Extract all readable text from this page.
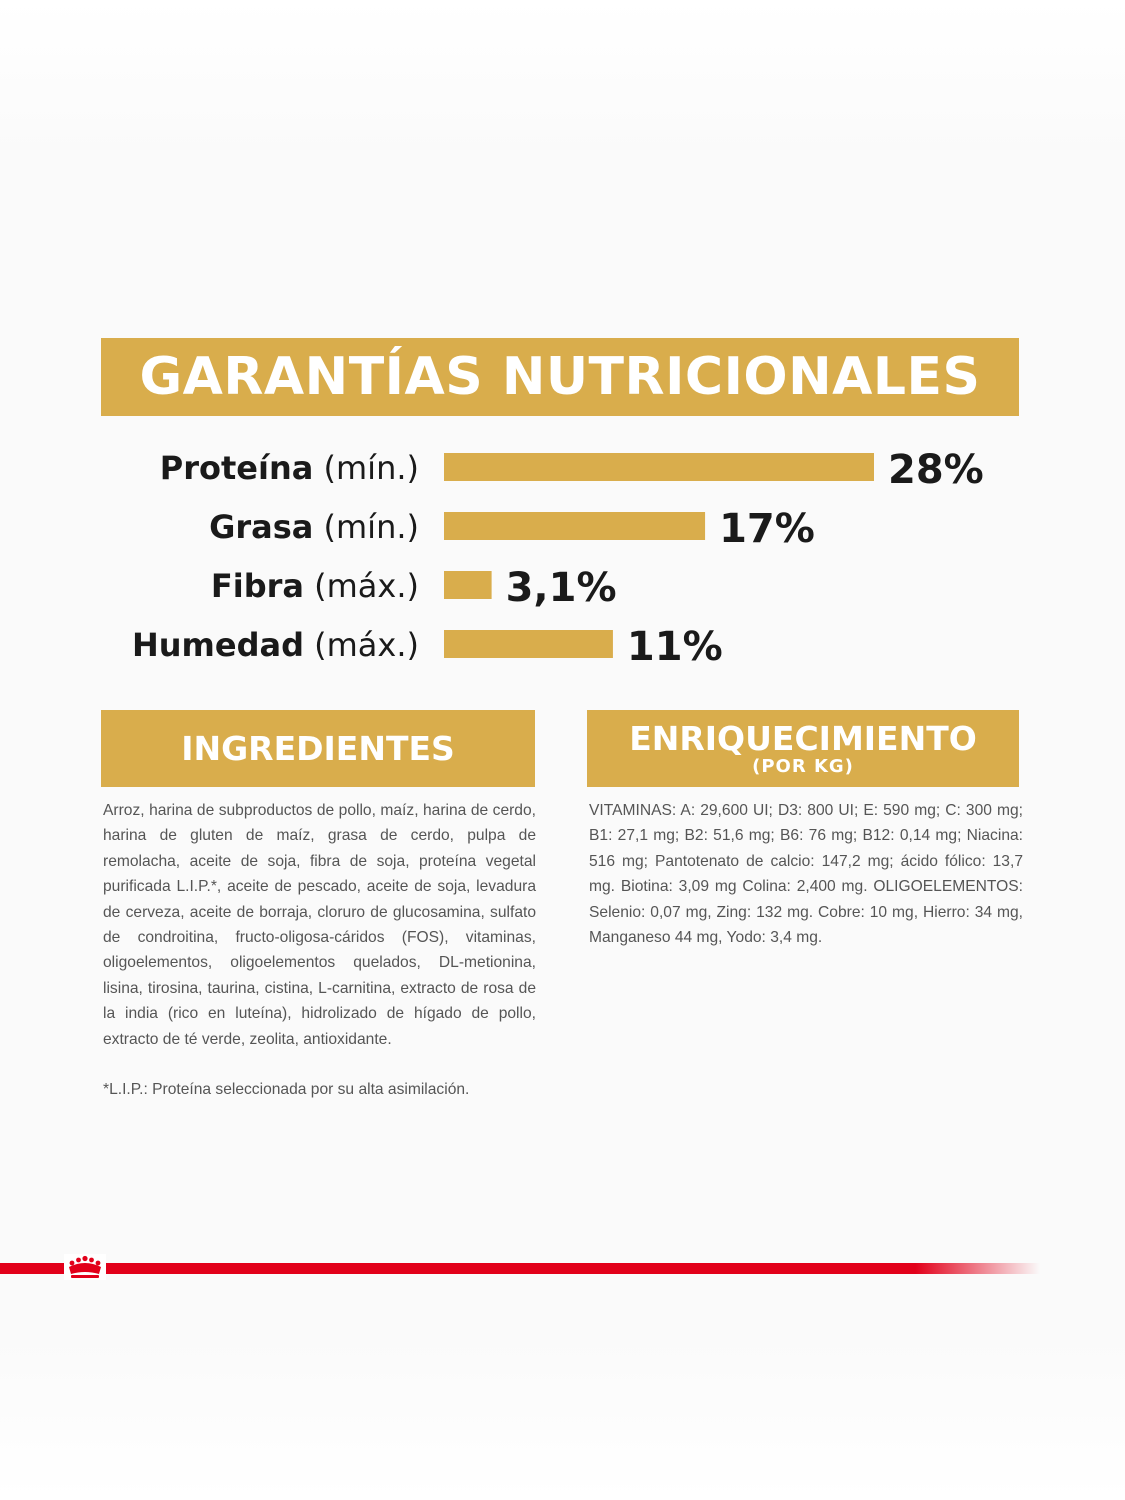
GARANTÍAS NUTRICIONALES
Proteína (mín.)	28%
Grasa (mín.)	17%
Fibra (máx.) 3,1%
Humedad (máx.)	11%
INGREDIENTES	ENRIQUECIMIENTO
(POR KG)

Arroz, harina de subproductos de pollo, maíz, harina de cerdo, harina de gluten de maíz, grasa de cerdo, pulpa de remolacha, aceite de soja, fibra de soja, proteína vegetal purificada L.I.P.*, aceite de pescado, aceite de soja, levadura de cerveza, aceite de borraja, cloruro de glucosamina, sulfato de condroitina, fructo-oligosa-cáridos (FOS), vitaminas, oligoelementos, oligoelementos quelados, DL-metionina, lisina, tirosina, taurina, cistina, L-carnitina, extracto de rosa de la india (rico en luteína), hidrolizado de hígado de pollo, extracto de té verde, zeolita, antioxidante.

*L.I.P.: Proteína seleccionada por su alta asimilación.

VITAMINAS: A: 29,600 UI; D3: 800 UI; E: 590 mg; C: 300 mg; B1: 27,1 mg; B2: 51,6 mg; B6: 76 mg; B12: 0,14 mg; Niacina: 516 mg; Pantotenato de calcio: 147,2 mg; ácido fólico: 13,7 mg. Biotina: 3,09 mg Colina: 2,400 mg. OLIGOELEMENTOS: Selenio: 0,07 mg, Zing: 132 mg. Cobre: 10 mg, Hierro: 34 mg, Manganeso 44 mg, Yodo: 3,4 mg.
